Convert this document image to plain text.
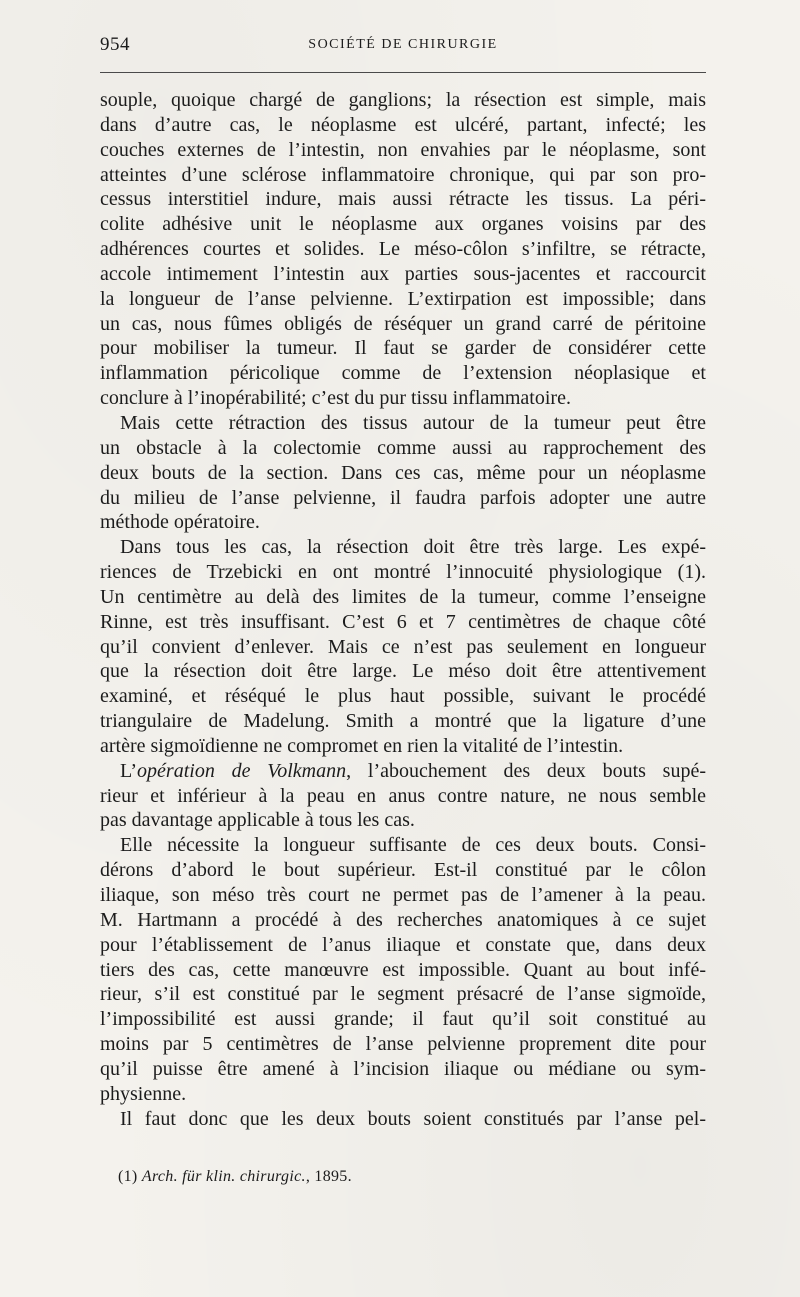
954	SOCIÉTÉ DE CHIRURGIE
souple, quoique chargé de ganglions; la résection est simple, mais
dans d’autre cas, le néoplasme est ulcéré, partant, infecté; les
couches externes de l’intestin, non envahies par le néoplasme, sont
atteintes d’une sclérose inflammatoire chronique, qui par son pro-
cessus interstitiel indure, mais aussi rétracte les tissus. La péri-
colite adhésive unit le néoplasme aux organes voisins par des
adhérences courtes et solides. Le méso-côlon s’infiltre, se rétracte,
accole intimement l’intestin aux parties sous-jacentes et raccourcit
la longueur de l’anse pelvienne. L’extirpation est impossible; dans
un cas, nous fûmes obligés de réséquer un grand carré de péritoine
pour mobiliser la tumeur. Il faut se garder de considérer cette
inflammation péricolique comme de l’extension néoplasique et
conclure à l’inopérabilité; c’est du pur tissu inflammatoire.
Mais cette rétraction des tissus autour de la tumeur peut être
un obstacle à la colectomie comme aussi au rapprochement des
deux bouts de la section. Dans ces cas, même pour un néoplasme
du milieu de l’anse pelvienne, il faudra parfois adopter une autre
méthode opératoire.
Dans tous les cas, la résection doit être très large. Les expé-
riences de Trzebicki en ont montré l’innocuité physiologique (1).
Un centimètre au delà des limites de la tumeur, comme l’enseigne
Rinne, est très insuffisant. C’est 6 et 7 centimètres de chaque côté
qu’il convient d’enlever. Mais ce n’est pas seulement en longueur
que la résection doit être large. Le méso doit être attentivement
examiné, et réséqué le plus haut possible, suivant le procédé
triangulaire de Madelung. Smith a montré que la ligature d’une
artère sigmoïdienne ne compromet en rien la vitalité de l’intestin.
L’opération de Volkmann, l’abouchement des deux bouts supé-
rieur et inférieur à la peau en anus contre nature, ne nous semble
pas davantage applicable à tous les cas.
Elle nécessite la longueur suffisante de ces deux bouts. Consi-
dérons d’abord le bout supérieur. Est-il constitué par le côlon
iliaque, son méso très court ne permet pas de l’amener à la peau.
M. Hartmann a procédé à des recherches anatomiques à ce sujet
pour l’établissement de l’anus iliaque et constate que, dans deux
tiers des cas, cette manœuvre est impossible. Quant au bout infé-
rieur, s’il est constitué par le segment présacré de l’anse sigmoïde,
l’impossibilité est aussi grande; il faut qu’il soit constitué au
moins par 5 centimètres de l’anse pelvienne proprement dite pour
qu’il puisse être amené à l’incision iliaque ou médiane ou sym-
physienne.
Il faut donc que les deux bouts soient constitués par l’anse pel-
(1) Arch. für klin. chirurgic., 1895.
